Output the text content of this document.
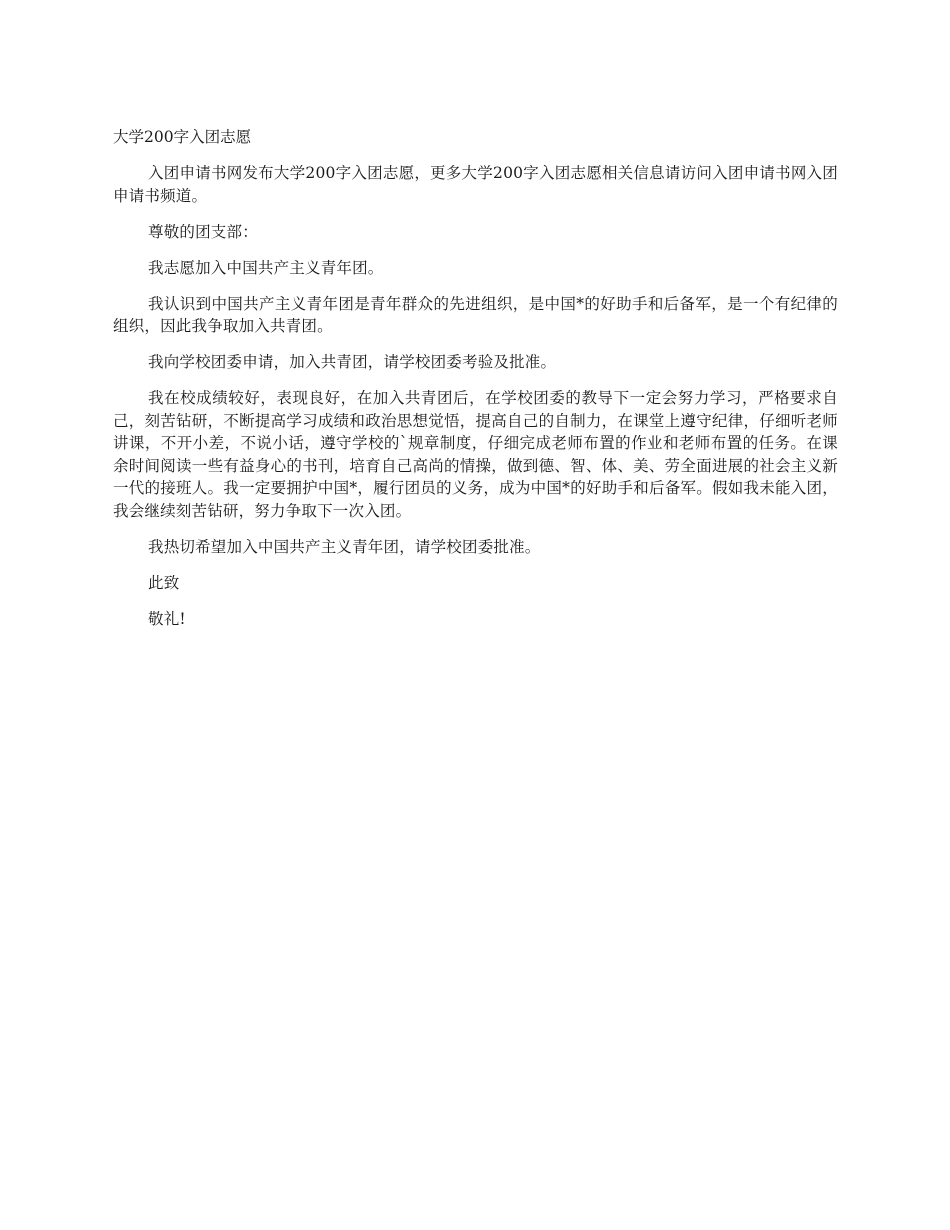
大学200字入团志愿

入团申请书网发布大学200字入团志愿，更多大学200字入团志愿相关信息请访问入团申请书网入团申请书频道。

尊敬的团支部：

我志愿加入中国共产主义青年团。

我认识到中国共产主义青年团是青年群众的先进组织，是中国*的好助手和后备军，是一个有纪律的组织，因此我争取加入共青团。

我向学校团委申请，加入共青团，请学校团委考验及批准。

我在校成绩较好，表现良好，在加入共青团后，在学校团委的教导下一定会努力学习，严格要求自己，刻苦钻研，不断提高学习成绩和政治思想觉悟，提高自己的自制力，在课堂上遵守纪律，仔细听老师讲课，不开小差，不说小话，遵守学校的`规章制度，仔细完成老师布置的作业和老师布置的任务。在课余时间阅读一些有益身心的书刊，培育自己高尚的情操，做到德、智、体、美、劳全面进展的社会主义新一代的接班人。我一定要拥护中国*，履行团员的义务，成为中国*的好助手和后备军。假如我未能入团，我会继续刻苦钻研，努力争取下一次入团。

我热切希望加入中国共产主义青年团，请学校团委批准。

此致

敬礼!
